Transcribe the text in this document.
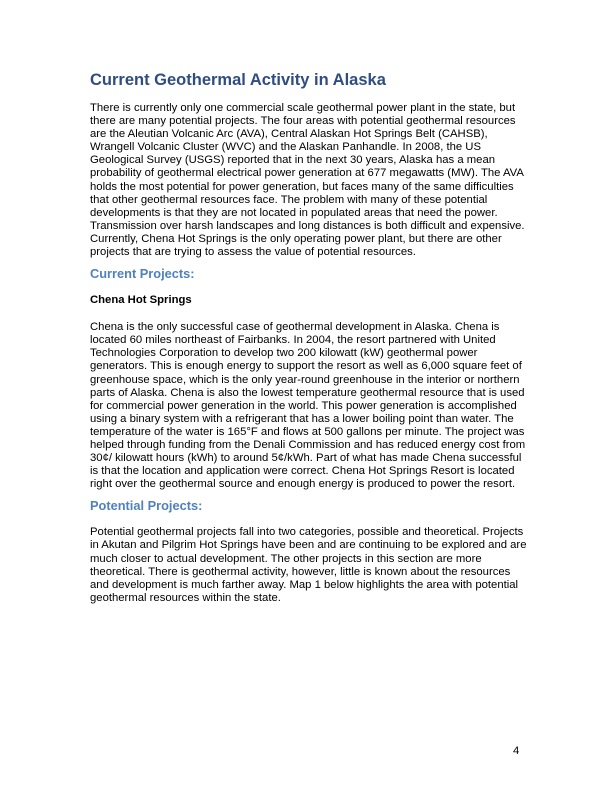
Current Geothermal Activity in Alaska

There is currently only one commercial scale geothermal power plant in the state, but there are many potential projects. The four areas with potential geothermal resources are the Aleutian Volcanic Arc (AVA), Central Alaskan Hot Springs Belt (CAHSB), Wrangell Volcanic Cluster (WVC) and the Alaskan Panhandle. In 2008, the US Geological Survey (USGS) reported that in the next 30 years, Alaska has a mean probability of geothermal electrical power generation at 677 megawatts (MW). The AVA holds the most potential for power generation, but faces many of the same difficulties that other geothermal resources face. The problem with many of these potential developments is that they are not located in populated areas that need the power. Transmission over harsh landscapes and long distances is both difficult and expensive. Currently, Chena Hot Springs is the only operating power plant, but there are other projects that are trying to assess the value of potential resources.

Current Projects:
Chena Hot Springs

Chena is the only successful case of geothermal development in Alaska. Chena is located 60 miles northeast of Fairbanks. In 2004, the resort partnered with United Technologies Corporation to develop two 200 kilowatt (kW) geothermal power generators. This is enough energy to support the resort as well as 6,000 square feet of greenhouse space, which is the only year-round greenhouse in the interior or northern parts of Alaska. Chena is also the lowest temperature geothermal resource that is used for commercial power generation in the world. This power generation is accomplished using a binary system with a refrigerant that has a lower boiling point than water. The temperature of the water is 165°F and flows at 500 gallons per minute. The project was helped through funding from the Denali Commission and has reduced energy cost from 30¢/ kilowatt hours (kWh) to around 5¢/kWh. Part of what has made Chena successful is that the location and application were correct. Chena Hot Springs Resort is located right over the geothermal source and enough energy is produced to power the resort.

Potential Projects:

Potential geothermal projects fall into two categories, possible and theoretical. Projects in Akutan and Pilgrim Hot Springs have been and are continuing to be explored and are much closer to actual development. The other projects in this section are more theoretical. There is geothermal activity, however, little is known about the resources and development is much farther away. Map 1 below highlights the area with potential geothermal resources within the state.

4
